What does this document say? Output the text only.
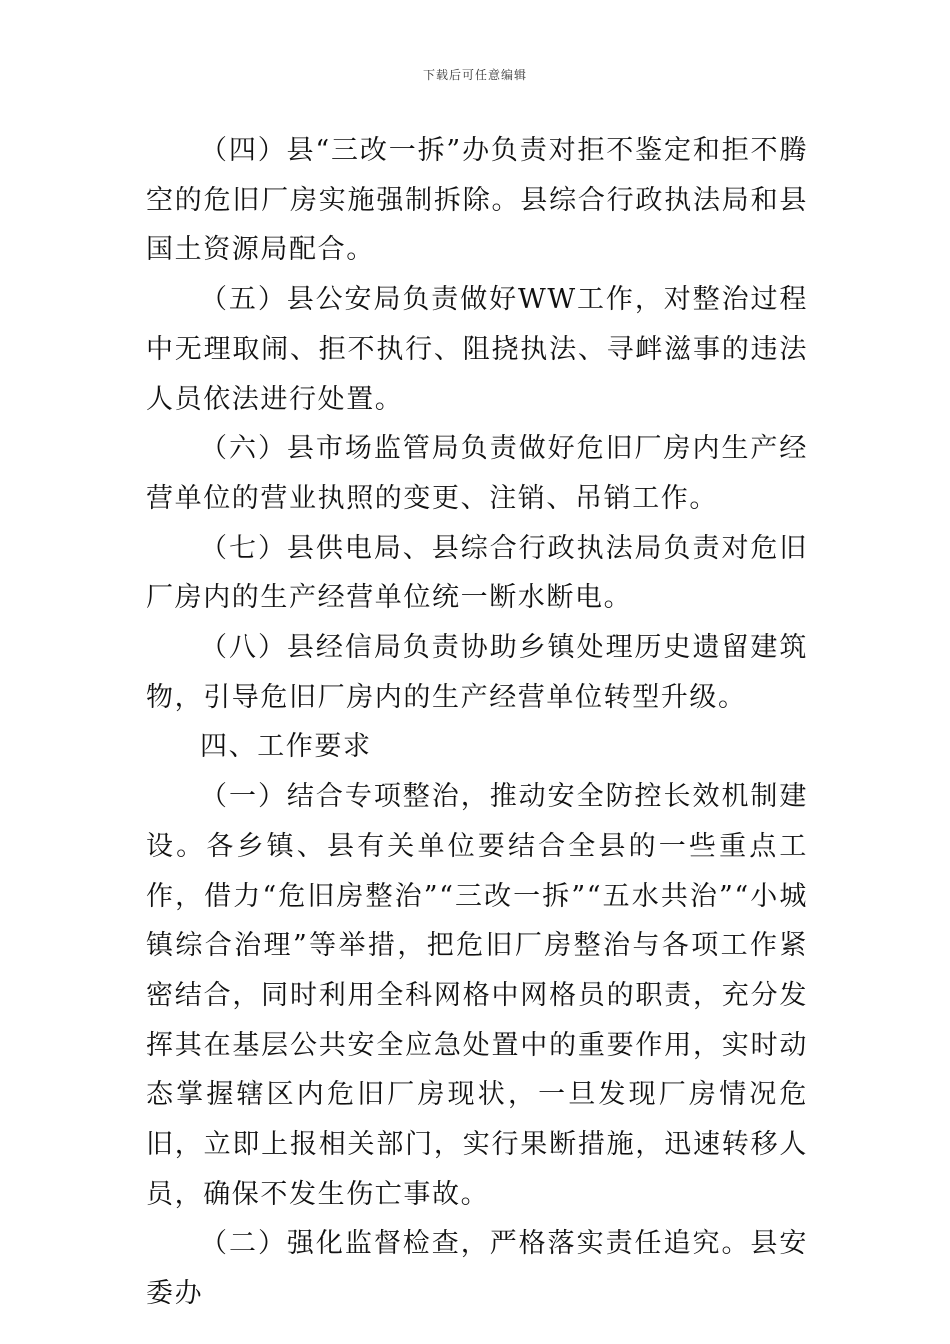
下载后可任意编辑

（四）县“三改一拆”办负责对拒不鉴定和拒不腾空的危旧厂房实施强制拆除。县综合行政执法局和县国土资源局配合。

（五）县公安局负责做好WW工作，对整治过程中无理取闹、拒不执行、阻挠执法、寻衅滋事的违法人员依法进行处置。

（六）县市场监管局负责做好危旧厂房内生产经营单位的营业执照的变更、注销、吊销工作。

（七）县供电局、县综合行政执法局负责对危旧厂房内的生产经营单位统一断水断电。

（八）县经信局负责协助乡镇处理历史遗留建筑物，引导危旧厂房内的生产经营单位转型升级。

四、工作要求

（一）结合专项整治，推动安全防控长效机制建设。各乡镇、县有关单位要结合全县的一些重点工作，借力“危旧房整治”“三改一拆”“五水共治”“小城镇综合治理”等举措，把危旧厂房整治与各项工作紧密结合，同时利用全科网格中网格员的职责，充分发挥其在基层公共安全应急处置中的重要作用，实时动态掌握辖区内危旧厂房现状，一旦发现厂房情况危旧，立即上报相关部门，实行果断措施，迅速转移人员，确保不发生伤亡事故。

（二）强化监督检查，严格落实责任追究。县安委办
